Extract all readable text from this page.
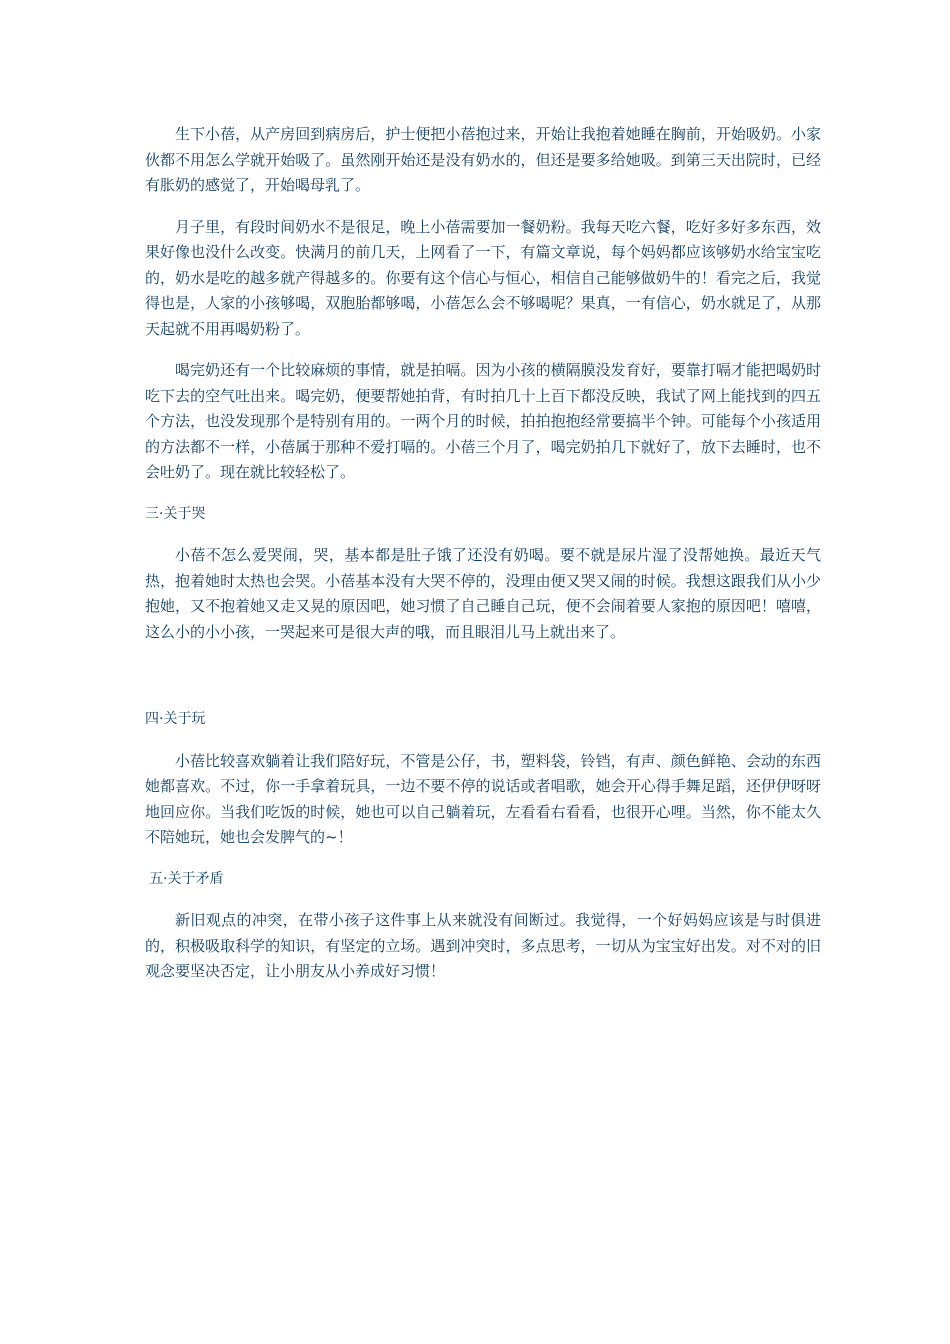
生下小蓓，从产房回到病房后，护士便把小蓓抱过来，开始让我抱着她睡在胸前，开始吸奶。小家伙都不用怎么学就开始吸了。虽然刚开始还是没有奶水的，但还是要多给她吸。到第三天出院时，已经有胀奶的感觉了，开始喝母乳了。

月子里，有段时间奶水不是很足，晚上小蓓需要加一餐奶粉。我每天吃六餐，吃好多好多东西，效果好像也没什么改变。快满月的前几天，上网看了一下，有篇文章说，每个妈妈都应该够奶水给宝宝吃的，奶水是吃的越多就产得越多的。你要有这个信心与恒心，相信自己能够做奶牛的！看完之后，我觉得也是，人家的小孩够喝，双胞胎都够喝，小蓓怎么会不够喝呢？果真，一有信心，奶水就足了，从那天起就不用再喝奶粉了。

喝完奶还有一个比较麻烦的事情，就是拍嗝。因为小孩的横隔膜没发育好，要靠打嗝才能把喝奶时吃下去的空气吐出来。喝完奶，便要帮她拍背，有时拍几十上百下都没反映，我试了网上能找到的四五个方法，也没发现那个是特别有用的。一两个月的时候，拍拍抱抱经常要搞半个钟。可能每个小孩适用的方法都不一样，小蓓属于那种不爱打嗝的。小蓓三个月了，喝完奶拍几下就好了，放下去睡时，也不会吐奶了。现在就比较轻松了。

三·关于哭

小蓓不怎么爱哭闹，哭，基本都是肚子饿了还没有奶喝。要不就是尿片湿了没帮她换。最近天气热，抱着她时太热也会哭。小蓓基本没有大哭不停的，没理由便又哭又闹的时候。我想这跟我们从小少抱她，又不抱着她又走又晃的原因吧，她习惯了自己睡自己玩，便不会闹着要人家抱的原因吧！嘻嘻，这么小的小小孩，一哭起来可是很大声的哦，而且眼泪儿马上就出来了。

四·关于玩

小蓓比较喜欢躺着让我们陪好玩，不管是公仔，书，塑料袋，铃铛，有声、颜色鲜艳、会动的东西她都喜欢。不过，你一手拿着玩具，一边不要不停的说话或者唱歌，她会开心得手舞足蹈，还伊伊呀呀地回应你。当我们吃饭的时候，她也可以自己躺着玩，左看看右看看，也很开心哩。当然，你不能太久不陪她玩，她也会发脾气的~！

五·关于矛盾

新旧观点的冲突，在带小孩子这件事上从来就没有间断过。我觉得，一个好妈妈应该是与时俱进的，积极吸取科学的知识，有坚定的立场。遇到冲突时，多点思考，一切从为宝宝好出发。对不对的旧观念要坚决否定，让小朋友从小养成好习惯！
